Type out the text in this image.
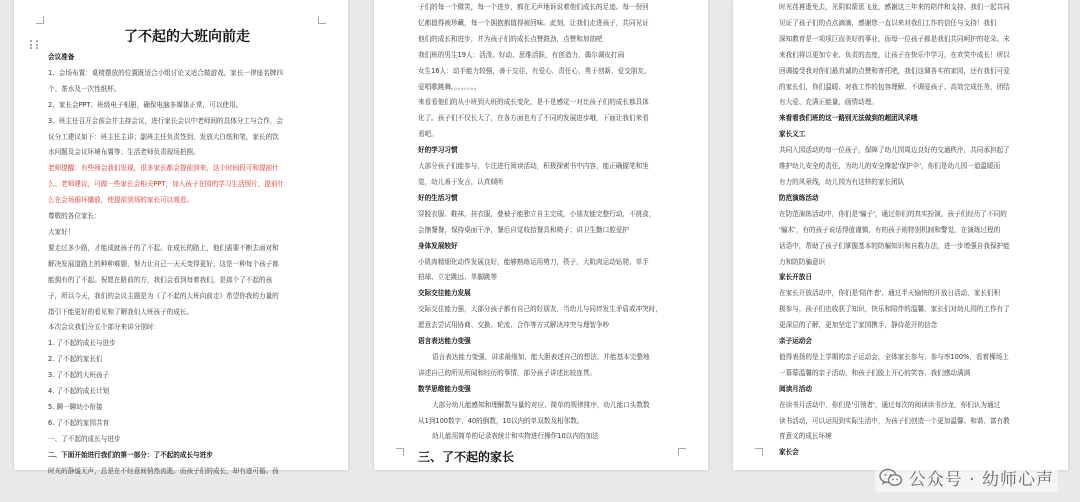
了不起的大班向前走
会议准备
1、会场布置：桌椅摆放的位置既适合小组讨论又适合做游戏，家长一律座名牌四
个、茶水及一次性纸杯。
2、家长会PPT、班级电子相册，确保电脑多媒体正常，可以使用。
3、班主任召开会前会并主持会议，进行家长会以中老师间的具体分工与合作，会
议分工建议如下：班主任主讲；副班主任负责签到、发放大白纸和笔，家长的饮
水问题及会议环境布置等；生活老师负责现场拍照。
老师提醒：有些师会我们发现，很多家长都会提前到来，这个时间段可和提前什
么、老师建议，可做一些家长会相关PPT，加入孩子在园的学习生活照片，提前什
么在会场循环播放，使提前到场的家长可以观看。
尊敬的各位家长：
大家好！
要走过多少路，才能成就孩子的了不起。在成长的路上，他们需要不断去面对和
解决发展道路上的种种难题，努力让自己一天天变得更好，这是一种每个孩子都
能拥有的了不起。祝愿在路前的方，我们会看到每着我们，是那个了不起的孩
子，所以今天，我们的会议主题是为《了不起的大班向前走》希望你我的力量的
指引下能更好的看见和了解我们大班孩子的成长。
本次会议我们分五个部分来讲分别时：
1. 了不起的成长与进步
2. 了不起的家长们
3. 了不起的大班孩子
4. 了不起的成长计划
5. 聊一聊幼小衔接
6. 了不起的家园共育
一、了不起的成长与进步
二、下面开始进行我们的第一部分：了不起的成长与进步
时光的静谧无声，总是在不经意间悄然流逝。而孩子们的成长，却有迹可循。孩
子们的每一个微笑，每一个进步，都在无声地诉说着他们成长的足迹。每一份回
忆都值得被珍藏，每一个拥抱都值得被回味。此刻，让我们走进孩子，共同见证
他们的成长和进步，并为孩子们的成长点赞鼓劲，点赞和加油吧
我们班的男生19人：活泼、好动、思维活跃，有创造力，偶尔调皮打闹
女生16人：动手能力较强，善于交往，有爱心、责任心，勇于创新、爱交朋友、
爱唱歌跳舞。。。。。。。。
来看看他们的从小班到大班的成长变化，是不是感觉一对比孩子们的成长都具体
化了。孩子们不仅长大了，在各方面也有了不同的发展进步哦，下面让我们来看
看吧。
好的学习习惯
大部分孩子们能参与，专注进行阅读活动，积极探索书中内容，能正确握笔和坐
姿，幼儿善于发言，认真倾听
好的生活习惯
穿脱衣服、鞋袜，挂衣服，叠被子能独立自主完成，小朋友能完整行动，不挑食，
会擦餐餐，保持桌面干净，餐后自觉收拾餐具和椅子；讲卫生勤口腔爱护
身体发展较好
小肌肉精细化动作发展良好，能够熟练运用剪刀，筷子，大肌肉运动钻爬、单手
拍球、立定跳远、单脚跳等
交际交往能力发展
交际交往能力强，大部分孩子都有自己的好朋友，当幼儿与同伴发生矛盾或冲突时，
愿意去尝试用协商、交换、轮流、合作等方式解决冲突与理智争吵
语言表达能力变强
语言表达能力变强，讲求最细加，能大胆表述自己的想法，并能基本完整地
讲述自己的所见所闻和经历的事情，部分孩子讲述比较连贯。
数学思维能力变强
大部分幼儿能感知和理解数与量的对应、简单的规律排序，幼儿能口头数数
从1到100数字，40的倒数，10以内的单双数及相邻数。
幼儿能用简单的记录表统计和实物进行操作10以内的加法
三、了不起的家长
时光荏苒逝免去，光阴似箭逛飞龙，感谢这三年来的陪伴和支持。我们一起共同
见证了孩子们的点点滴滴，感谢您一直以来对我们工作的信任与支持！我们
深知教育是一项项巨而美好的事业，而每一位孩子都是我们共同呵护的花朵。未
来我们将以更加专业、负责的态度，让孩子在快乐中学习，在欢笑中成长！所以
回调接受我对你们最真诚的点赞和寄托吧，我们这调各实的家园，还有我们可爱
的家长们，你们温暖、对我工作的包容理解、不调爱孩子、高效完成任务，团结
有大爱、充满正能量，画情动理。
来看看我们班的这一路别无法做到的超团风采哦
家长义工
共同入园活动的每一位孩子，保障了幼儿园周边良好的交通秩序，共同承担起了
维护幼儿安全的责任，为幼儿的安全撑起'保护伞'，你们是幼儿园一道温暖而
有力的风景线，幼儿园为有这样的家长团队
防范演练活动
在防范演练活动中，你们是'骗子'，通过你们的真实扮演，孩子们经历了不同的
'骗术'，有的孩子说话得值谨慎，有的孩子则特别机制和警觉，在演练过程的
话语中，帮助了孩子们掌握基本的防骗知识和自救办法，进一步增强自我保护能
力和防防骗意识
家长开放日
在家长开放活动中，你们是'陪伴者'，通过半天愉快的开放日活动，家长们积
极参与，孩子们也收获了知识，快乐和陪伴的温馨，家长们对幼儿园的工作有了
更深层的了解，更加坚定了家园携手，静待花开的信念
亲子运动会
值得表扬的是上学期的亲子运动会，全体家长参与，参与率100%，看着操场上
一幕幕温馨的亲子活动，和孩子们脸上开心的笑容，我们感动满满
阅读月活动
在读书月活动中，你们是'引领者'，通过每次的阅读读书沙龙，你们认为通过
读书活动，可以运用到实际生活中，为孩子们创造一个更加温馨、和谐、富有教
育意义的成长环境
家长会
公众号 · 幼师心声
